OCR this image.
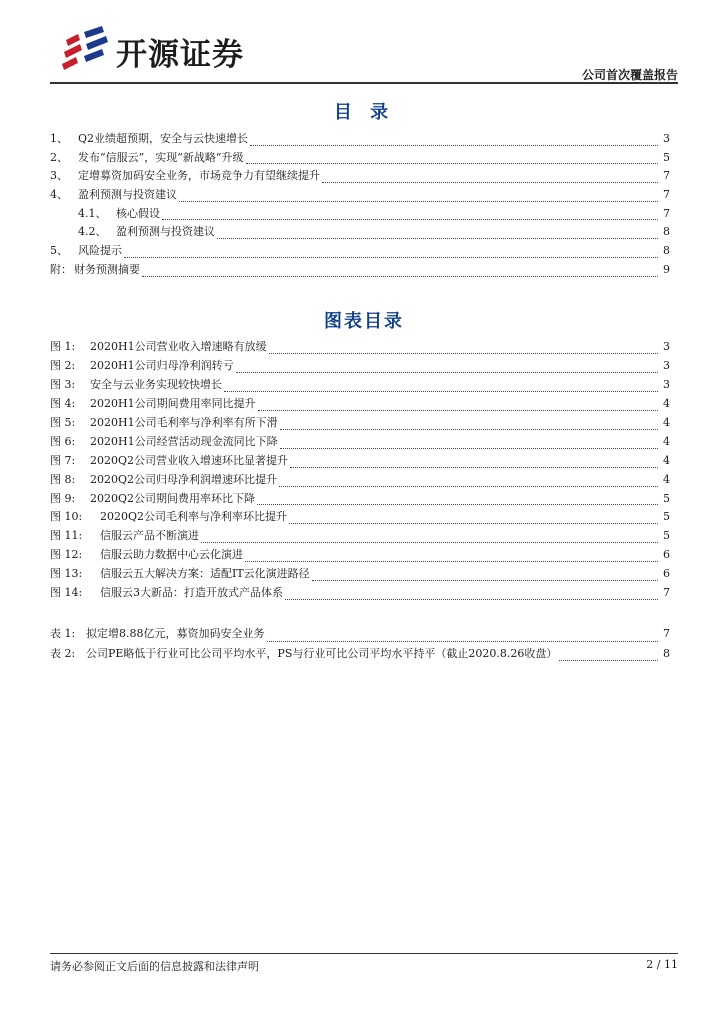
开源证券
公司首次覆盖报告
目 录
1、 Q2业绩超预期，安全与云快速增长	3
2、 发布“信服云”，实现“新战略”升级	5
3、 定增募资加码安全业务，市场竞争力有望继续提升	7
4、 盈利预测与投资建议	7
4.1、 核心假设	7
4.2、 盈利预测与投资建议	8
5、 风险提示	8
附： 财务预测摘要	9
图表目录
图 1:	2020H1公司营业收入增速略有放缓	3
图 2:	2020H1公司归母净利润转亏	3
图 3:	安全与云业务实现较快增长	3
图 4:	2020H1公司期间费用率同比提升	4
图 5:	2020H1公司毛利率与净利率有所下滑	4
图 6:	2020H1公司经营活动现金流同比下降	4
图 7:	2020Q2公司营业收入增速环比显著提升	4
图 8:	2020Q2公司归母净利润增速环比提升	4
图 9:	2020Q2公司期间费用率环比下降	5
图 10:	2020Q2公司毛利率与净利率环比提升	5
图 11:	信服云产品不断演进	5
图 12:	信服云助力数据中心云化演进	6
图 13:	信服云五大解决方案：适配IT云化演进路径	6
图 14:	信服云3大新品：打造开放式产品体系	7
表 1: 拟定增8.88亿元，募资加码安全业务	7
表 2: 公司PE略低于行业可比公司平均水平，PS与行业可比公司平均水平持平（截止2020.8.26收盘）	8
请务必参阅正文后面的信息披露和法律声明	2 / 11
